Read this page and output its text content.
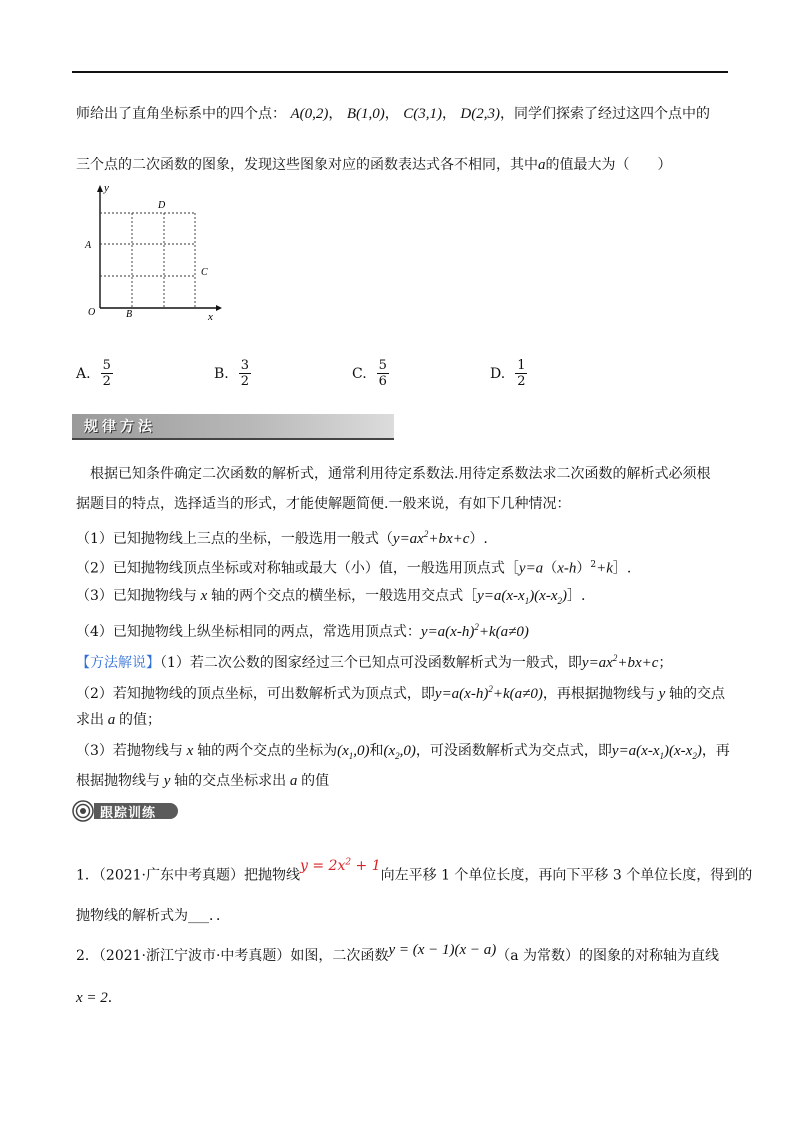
师给出了直角坐标系中的四个点： A(0,2)， B(1,0)， C(3,1)， D(2,3)，同学们探索了经过这四个点中的
三个点的二次函数的图象，发现这些图象对应的函数表达式各不相同，其中a的值最大为（　　）
y
x
O
A
B
C
D
A. $\frac{5}{2}$	B. $\frac{3}{2}$	C. $\frac{5}{6}$	D. $\frac{1}{2}$
规律方法
根据已知条件确定二次函数的解析式，通常利用待定系数法.用待定系数法求二次函数的解析式必须根
据题目的特点，选择适当的形式，才能使解题简便.一般来说，有如下几种情况：
（1）已知抛物线上三点的坐标，一般选用一般式$(y=ax^2+bx+c)$.
（2）已知抛物线顶点坐标或对称轴或最大（小）值，一般选用顶点式$[y=a(x-h)^2+k]$.
（3）已知抛物线与 x 轴的两个交点的横坐标，一般选用交点式$[y=a(x-x_1)(x-x_2)]$.
（4）已知抛物线上纵坐标相同的两点，常选用顶点式：$y=a(x-h)^2+k(a\ne 0)$
【方法解说】（1）若二次公数的图家经过三个已知点可没函数解析式为一般式，即$y=ax^2+bx+c$；
（2）若知抛物线的顶点坐标，可出数解析式为顶点式，即$y=a(x-h)^2+k(a\ne 0)$，再根据抛物线与 y 轴的交点
求出 a 的值；
（3）若抛物线与 x 轴的两个交点的坐标为$(x_1,0)$和$(x_2,0)$，可没函数解析式为交点式，即$y=a(x-x_1)(x-x_2)$，再
根据抛物线与 y 轴的交点坐标求出 a 的值
跟踪训练
1．（2021·广东中考真题）把抛物线$y = 2x^2 + 1$向左平移 1 个单位长度，再向下平移 3 个单位长度，得到的
抛物线的解析式为___．．
2．（2021·浙江宁波市·中考真题）如图，二次函数y = (x − 1)(x − a)（a 为常数）的图象的对称轴为直线
x = 2．
